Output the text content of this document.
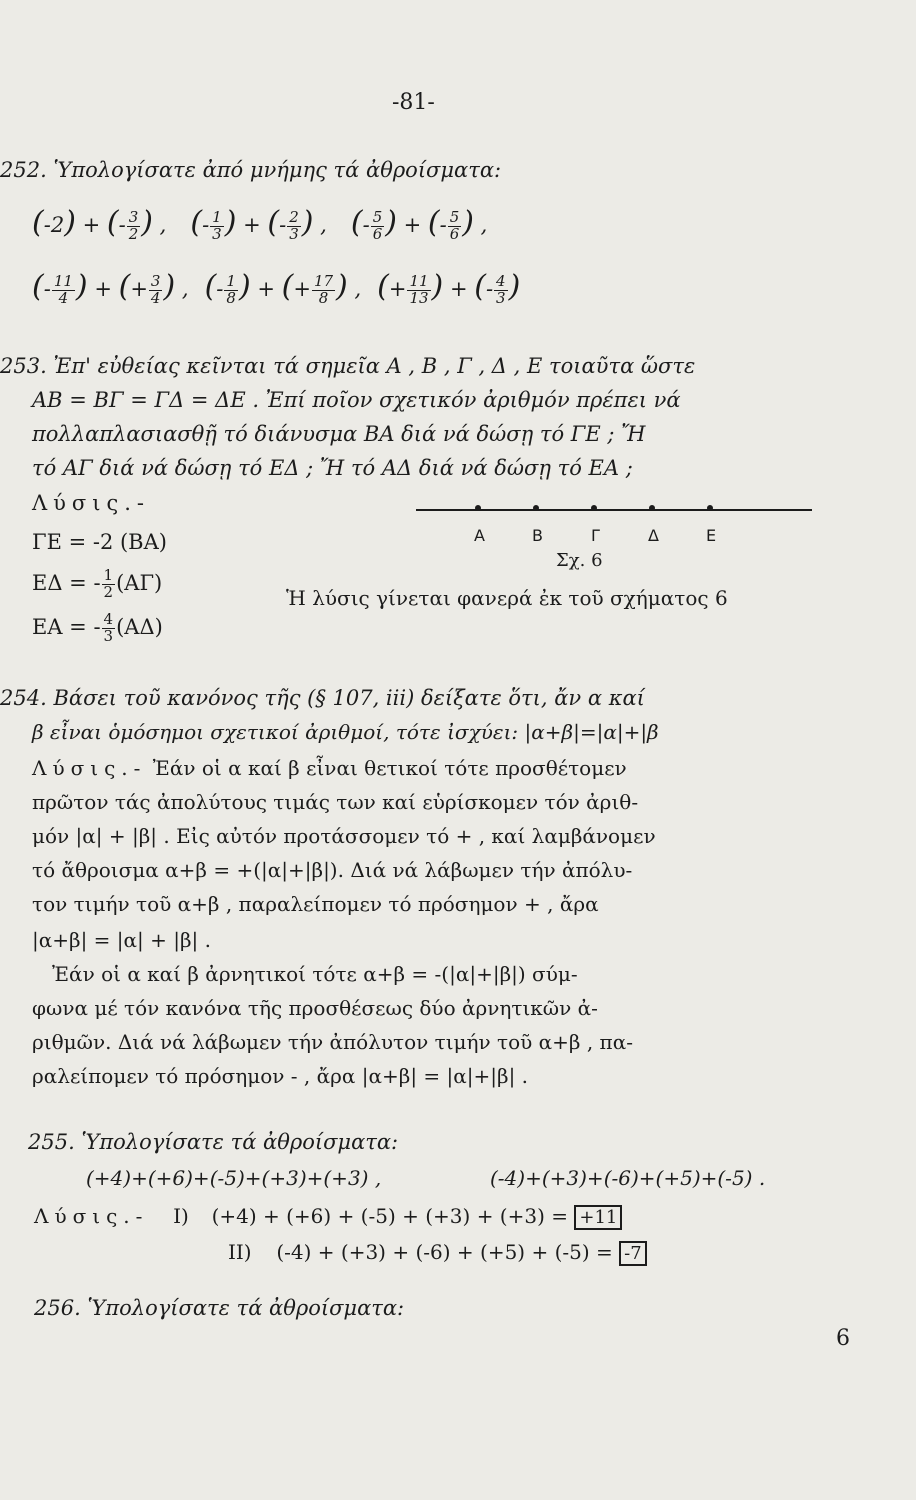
-81-
252. Ὑπολογίσατε ἀπό μνήμης τά ἀθροίσματα:
(-2) + (- $\frac{3}{2}$ ) , (- $\frac{1}{3}$ ) + (- $\frac{2}{3}$ ) , (- $\frac{5}{6}$ ) + (- $\frac{5}{6}$ ) ,
(- $\frac{11}{4}$ ) + (+ $\frac{3}{4}$ ) , (- $\frac{1}{8}$ ) + (+ $\frac{17}{8}$ ) , (+ $\frac{11}{13}$ ) + (- $\frac{4}{3}$ )
253. Ἐπ' εὐθείας κεῖνται τά σημεῖα A , B , Γ , Δ , E τοιαῦτα ὥστε
AB = BΓ = ΓΔ = ΔE . Ἐπί ποῖον σχετικόν ἀριθμόν πρέπει νά
πολλαπλασιασθῇ τό διάνυσμα BA διά νά δώσῃ τό ΓE ; Ἤ
τό AΓ διά νά δώσῃ τό EΔ ; Ἤ τό AΔ διά νά δώσῃ τό EA ;
Λύσις.-
ΓE = -2 (BA)
EΔ = - $\frac{1}{2} (A\Gamma)$
EA = - $\frac{4}{3} (A\Delta)$
A	B	Γ	Δ	E
Σχ. 6
Ἡ λύσις γίνεται φανερά ἐκ τοῦ σχήματος 6
254. Βάσει τοῦ κανόνος τῆς (§ 107, iii) δείξατε ὅτι, ἄν α καί
β εἶναι ὁμόσημοι σχετικοί ἀριθμοί, τότε ἰσχύει: |α+β|=|α|+|β
Λύσις.- Ἐάν οἱ α καί β εἶναι θετικοί τότε προσθέτομεν
πρῶτον τάς ἀπολύτους τιμάς των καί εὑρίσκομεν τόν ἀριθ-
μόν |α| + |β| . Εἰς αὐτόν προτάσσομεν τό + , καί λαμβάνομεν
τό ἄθροισμα α+β = +(|α|+|β|). Διά νά λάβωμεν τήν ἀπόλυ-
τον τιμήν τοῦ α+β , παραλείπομεν τό πρόσημον + , ἄρα
|α+β| = |α| + |β| .
Ἐάν οἱ α καί β ἀρνητικοί τότε α+β = -(|α|+|β|) σύμ-
φωνα μέ τόν κανόνα τῆς προσθέσεως δύο ἀρνητικῶν ἀ-
ριθμῶν. Διά νά λάβωμεν τήν ἀπόλυτον τιμήν τοῦ α+β , πα-
ραλείπομεν τό πρόσημον - , ἄρα |α+β| = |α|+|β| .
255. Ὑπολογίσατε τά ἀθροίσματα:
(+4)+(+6)+(-5)+(+3)+(+3) ,	(-4)+(+3)+(-6)+(+5)+(-5) .
Λύσις.- I) (+4) + (+6) + (-5) + (+3) + (+3) = +11
II) (-4) + (+3) + (-6) + (+5) + (-5) = -7
256. Ὑπολογίσατε τά ἀθροίσματα:
6
